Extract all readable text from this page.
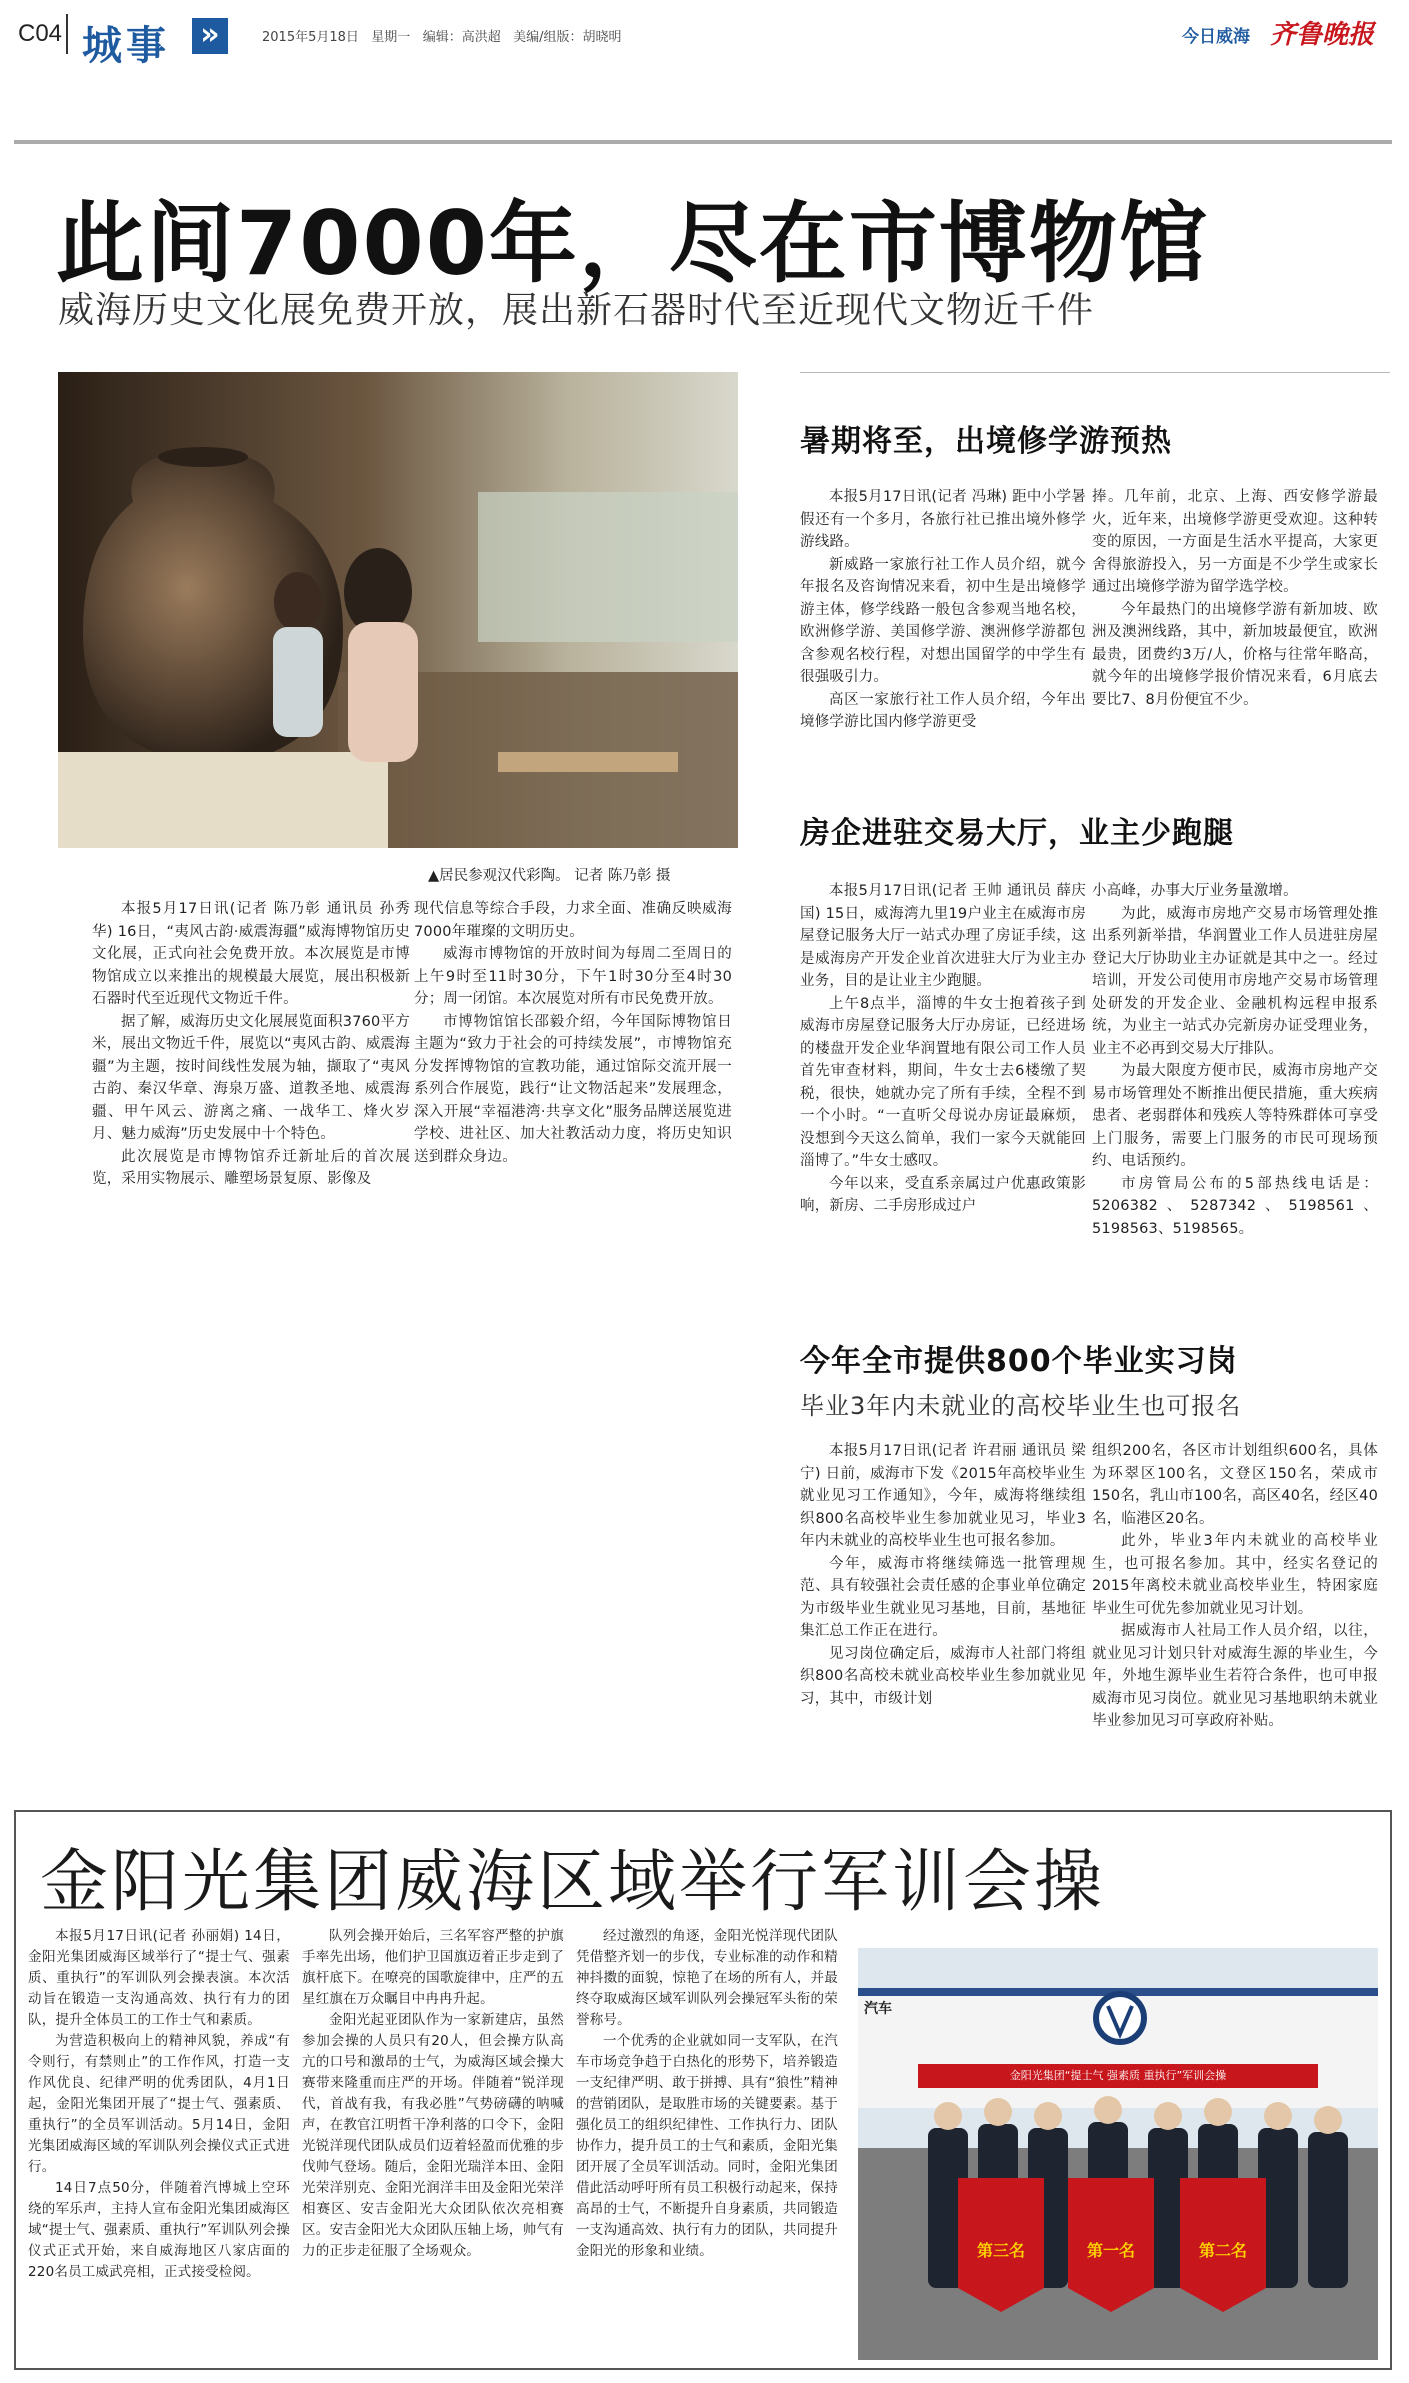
C04 城事 »	2015年5月18日   星期一   编辑：高洪超   美编/组版：胡晓明	今日威海 齐鲁晚报
此间7000年，尽在市博物馆
威海历史文化展免费开放，展出新石器时代至近现代文物近千件
▲居民参观汉代彩陶。 记者 陈乃彰 摄

本报5月17日讯(记者 陈乃彰 通讯员 孙秀华) 16日，“夷风古韵·威震海疆”威海博物馆历史文化展，正式向社会免费开放。本次展览是市博物馆成立以来推出的规模最大展览，展出积极新石器时代至近现代文物近千件。

据了解，威海历史文化展展览面积3760平方米，展出文物近千件，展览以“夷风古韵、威震海疆”为主题，按时间线性发展为轴，撷取了“夷风古韵、秦汉华章、海泉万盛、道教圣地、威震海疆、甲午风云、游离之痛、一战华工、烽火岁月、魅力威海”历史发展中十个特色。

此次展览是市博物馆乔迁新址后的首次展览，采用实物展示、雕塑场景复原、影像及

现代信息等综合手段，力求全面、准确反映威海7000年璀璨的文明历史。

威海市博物馆的开放时间为每周二至周日的上午9时至11时30分，下午1时30分至4时30分；周一闭馆。本次展览对所有市民免费开放。

市博物馆馆长邵毅介绍，今年国际博物馆日主题为“致力于社会的可持续发展”，市博物馆充分发挥博物馆的宣教功能，通过馆际交流开展一系列合作展览，践行“让文物活起来”发展理念，深入开展“幸福港湾·共享文化”服务品牌送展览进学校、进社区、加大社教活动力度，将历史知识送到群众身边。

暑期将至，出境修学游预热

本报5月17日讯(记者 冯琳) 距中小学暑假还有一个多月，各旅行社已推出境外修学游线路。

新威路一家旅行社工作人员介绍，就今年报名及咨询情况来看，初中生是出境修学游主体，修学线路一般包含参观当地名校，欧洲修学游、美国修学游、澳洲修学游都包含参观名校行程，对想出国留学的中学生有很强吸引力。

高区一家旅行社工作人员介绍，今年出境修学游比国内修学游更受

捧。几年前，北京、上海、西安修学游最火，近年来，出境修学游更受欢迎。这种转变的原因，一方面是生活水平提高，大家更舍得旅游投入，另一方面是不少学生或家长通过出境修学游为留学选学校。

今年最热门的出境修学游有新加坡、欧洲及澳洲线路，其中，新加坡最便宜，欧洲最贵，团费约3万/人，价格与往常年略高，就今年的出境修学报价情况来看，6月底去要比7、8月份便宜不少。

房企进驻交易大厅，业主少跑腿

本报5月17日讯(记者 王帅 通讯员 薛庆国) 15日，威海湾九里19户业主在威海市房屋登记服务大厅一站式办理了房证手续，这是威海房产开发企业首次进驻大厅为业主办业务，目的是让业主少跑腿。

上午8点半，淄博的牛女士抱着孩子到威海市房屋登记服务大厅办房证，已经进场的楼盘开发企业华润置地有限公司工作人员首先审查材料，期间，牛女士去6楼缴了契税，很快，她就办完了所有手续，全程不到一个小时。“一直听父母说办房证最麻烦，没想到今天这么简单，我们一家今天就能回淄博了。”牛女士感叹。

今年以来，受直系亲属过户优惠政策影响，新房、二手房形成过户

小高峰，办事大厅业务量激增。

为此，威海市房地产交易市场管理处推出系列新举措，华润置业工作人员进驻房屋登记大厅协助业主办证就是其中之一。经过培训，开发公司使用市房地产交易市场管理处研发的开发企业、金融机构远程申报系统，为业主一站式办完新房办证受理业务，业主不必再到交易大厅排队。

为最大限度方便市民，威海市房地产交易市场管理处不断推出便民措施，重大疾病患者、老弱群体和残疾人等特殊群体可享受上门服务，需要上门服务的市民可现场预约、电话预约。

市房管局公布的5部热线电话是：5206382、5287342、5198561、5198563、5198565。

今年全市提供800个毕业实习岗
毕业3年内未就业的高校毕业生也可报名

本报5月17日讯(记者 许君丽 通讯员 梁宁) 日前，威海市下发《2015年高校毕业生就业见习工作通知》，今年，威海将继续组织800名高校毕业生参加就业见习，毕业3年内未就业的高校毕业生也可报名参加。

今年，威海市将继续筛选一批管理规范、具有较强社会责任感的企事业单位确定为市级毕业生就业见习基地，目前，基地征集汇总工作正在进行。

见习岗位确定后，威海市人社部门将组织800名高校未就业高校毕业生参加就业见习，其中，市级计划

组织200名，各区市计划组织600名，具体为环翠区100名，文登区150名，荣成市150名，乳山市100名，高区40名，经区40名，临港区20名。

此外，毕业3年内未就业的高校毕业生，也可报名参加。其中，经实名登记的2015年离校未就业高校毕业生，特困家庭毕业生可优先参加就业见习计划。

据威海市人社局工作人员介绍，以往，就业见习计划只针对威海生源的毕业生，今年，外地生源毕业生若符合条件，也可申报威海市见习岗位。就业见习基地职纳未就业毕业参加见习可享政府补贴。

金阳光集团威海区域举行军训会操

本报5月17日讯(记者 孙丽娟) 14日，金阳光集团威海区域举行了“提士气、强素质、重执行”的军训队列会操表演。本次活动旨在锻造一支沟通高效、执行有力的团队，提升全体员工的工作士气和素质。

为营造积极向上的精神风貌，养成“有令则行，有禁则止”的工作作风，打造一支作风优良、纪律严明的优秀团队，4月1日起，金阳光集团开展了“提士气、强素质、重执行”的全员军训活动。5月14日，金阳光集团威海区域的军训队列会操仪式正式进行。

14日7点50分，伴随着汽博城上空环绕的军乐声，主持人宣布金阳光集团威海区域“提士气、强素质、重执行”军训队列会操仪式正式开始，来自威海地区八家店面的220名员工威武亮相，正式接受检阅。

队列会操开始后，三名军容严整的护旗手率先出场，他们护卫国旗迈着正步走到了旗杆底下。在嘹亮的国歌旋律中，庄严的五星红旗在万众瞩目中冉冉升起。

金阳光起亚团队作为一家新建店，虽然参加会操的人员只有20人，但会操方队高亢的口号和激昂的士气，为威海区域会操大赛带来隆重而庄严的开场。伴随着“锐洋现代，首战有我，有我必胜”气势磅礴的呐喊声，在教官江明哲干净利落的口令下，金阳光锐洋现代团队成员们迈着轻盈而优雅的步伐帅气登场。随后，金阳光瑞洋本田、金阳光荣洋别克、金阳光润洋丰田及金阳光荣洋相赛区、安吉金阳光大众团队依次亮相赛区。安吉金阳光大众团队压轴上场，帅气有力的正步走征服了全场观众。

经过激烈的角逐，金阳光悦洋现代团队凭借整齐划一的步伐，专业标准的动作和精神抖擞的面貌，惊艳了在场的所有人，并最终夺取威海区域军训队列会操冠军头衔的荣誉称号。

一个优秀的企业就如同一支军队，在汽车市场竞争趋于白热化的形势下，培养锻造一支纪律严明、敢于拼搏、具有“狼性”精神的营销团队，是取胜市场的关键要素。基于强化员工的组织纪律性、工作执行力、团队协作力，提升员工的士气和素质，金阳光集团开展了全员军训活动。同时，金阳光集团借此活动呼吁所有员工积极行动起来，保持高昂的士气，不断提升自身素质，共同锻造一支沟通高效、执行有力的团队，共同提升金阳光的形象和业绩。

汽车
金阳光集团“提士气 强素质 重执行”军训会操
第三名	第一名	第二名
